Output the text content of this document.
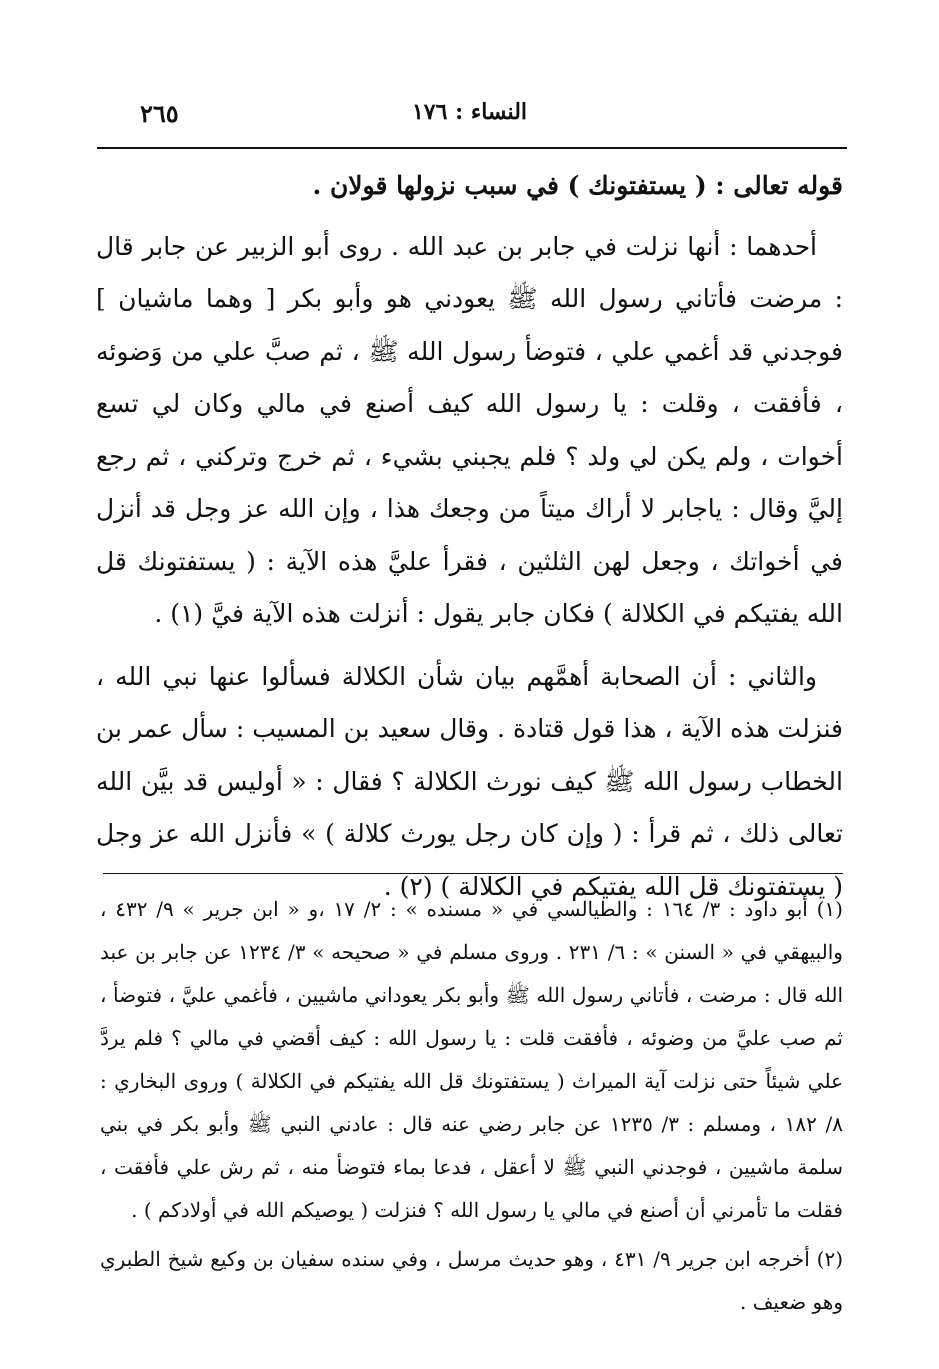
النساء : ١٧٦
٢٦٥

قوله تعالى : ( يستفتونك ) في سبب نزولها قولان .

أحدهما : أنها نزلت في جابر بن عبد الله . روى أبو الزبير عن جابر قال : مرضت فأتاني رسول الله ﷺ يعودني هو وأبو بكر [ وهما ماشيان ] فوجدني قد أغمي علي ، فتوضأ رسول الله ﷺ ، ثم صبَّ علي من وَضوئه ، فأفقت ، وقلت : يا رسول الله كيف أصنع في مالي وكان لي تسع أخوات ، ولم يكن لي ولد ؟ فلم يجبني بشيء ، ثم خرج وتركني ، ثم رجع إليَّ وقال : ياجابر لا أراك ميتاً من وجعك هذا ، وإن الله عز وجل قد أنزل في أخواتك ، وجعل لهن الثلثين ، فقرأ عليَّ هذه الآية : ( يستفتونك قل الله يفتيكم في الكلالة ) فكان جابر يقول : أنزلت هذه الآية فيَّ (١) .

والثاني : أن الصحابة أهمَّهم بيان شأن الكلالة فسألوا عنها نبي الله ، فنزلت هذه الآية ، هذا قول قتادة . وقال سعيد بن المسيب : سأل عمر بن الخطاب رسول الله ﷺ كيف نورث الكلالة ؟ فقال : « أوليس قد بيَّن الله تعالى ذلك ، ثم قرأ : ( وإن كان رجل يورث كلالة ) » فأنزل الله عز وجل ( يستفتونك قل الله يفتيكم في الكلالة ) (٢) .

(١) أبو داود : ٣/ ١٦٤ : والطيالسي في « مسنده » : ٢/ ١٧ ،و « ابن جرير » ٩/ ٤٣٢ ، والبيهقي في « السنن » : ٦/ ٢٣١ . وروى مسلم في « صحيحه » ٣/ ١٢٣٤ عن جابر بن عبد الله قال : مرضت ، فأتاني رسول الله ﷺ وأبو بكر يعوداني ماشيين ، فأغمي عليَّ ، فتوضأ ، ثم صب عليَّ من وضوئه ، فأفقت قلت : يا رسول الله : كيف أقضي في مالي ؟ فلم يردَّ علي شيئاً حتى نزلت آية الميراث ( يستفتونك قل الله يفتيكم في الكلالة ) وروى البخاري : ٨/ ١٨٢ ، ومسلم : ٣/ ١٢٣٥ عن جابر رضي عنه قال : عادني النبي ﷺ وأبو بكر في بني سلمة ماشيين ، فوجدني النبي ﷺ لا أعقل ، فدعا بماء فتوضأ منه ، ثم رش علي فأفقت ، فقلت ما تأمرني أن أصنع في مالي يا رسول الله ؟ فنزلت ( يوصيكم الله في أولادكم ) .

(٢) أخرجه ابن جرير ٩/ ٤٣١ ، وهو حديث مرسل ، وفي سنده سفيان بن وكيع شيخ الطبري وهو ضعيف .
